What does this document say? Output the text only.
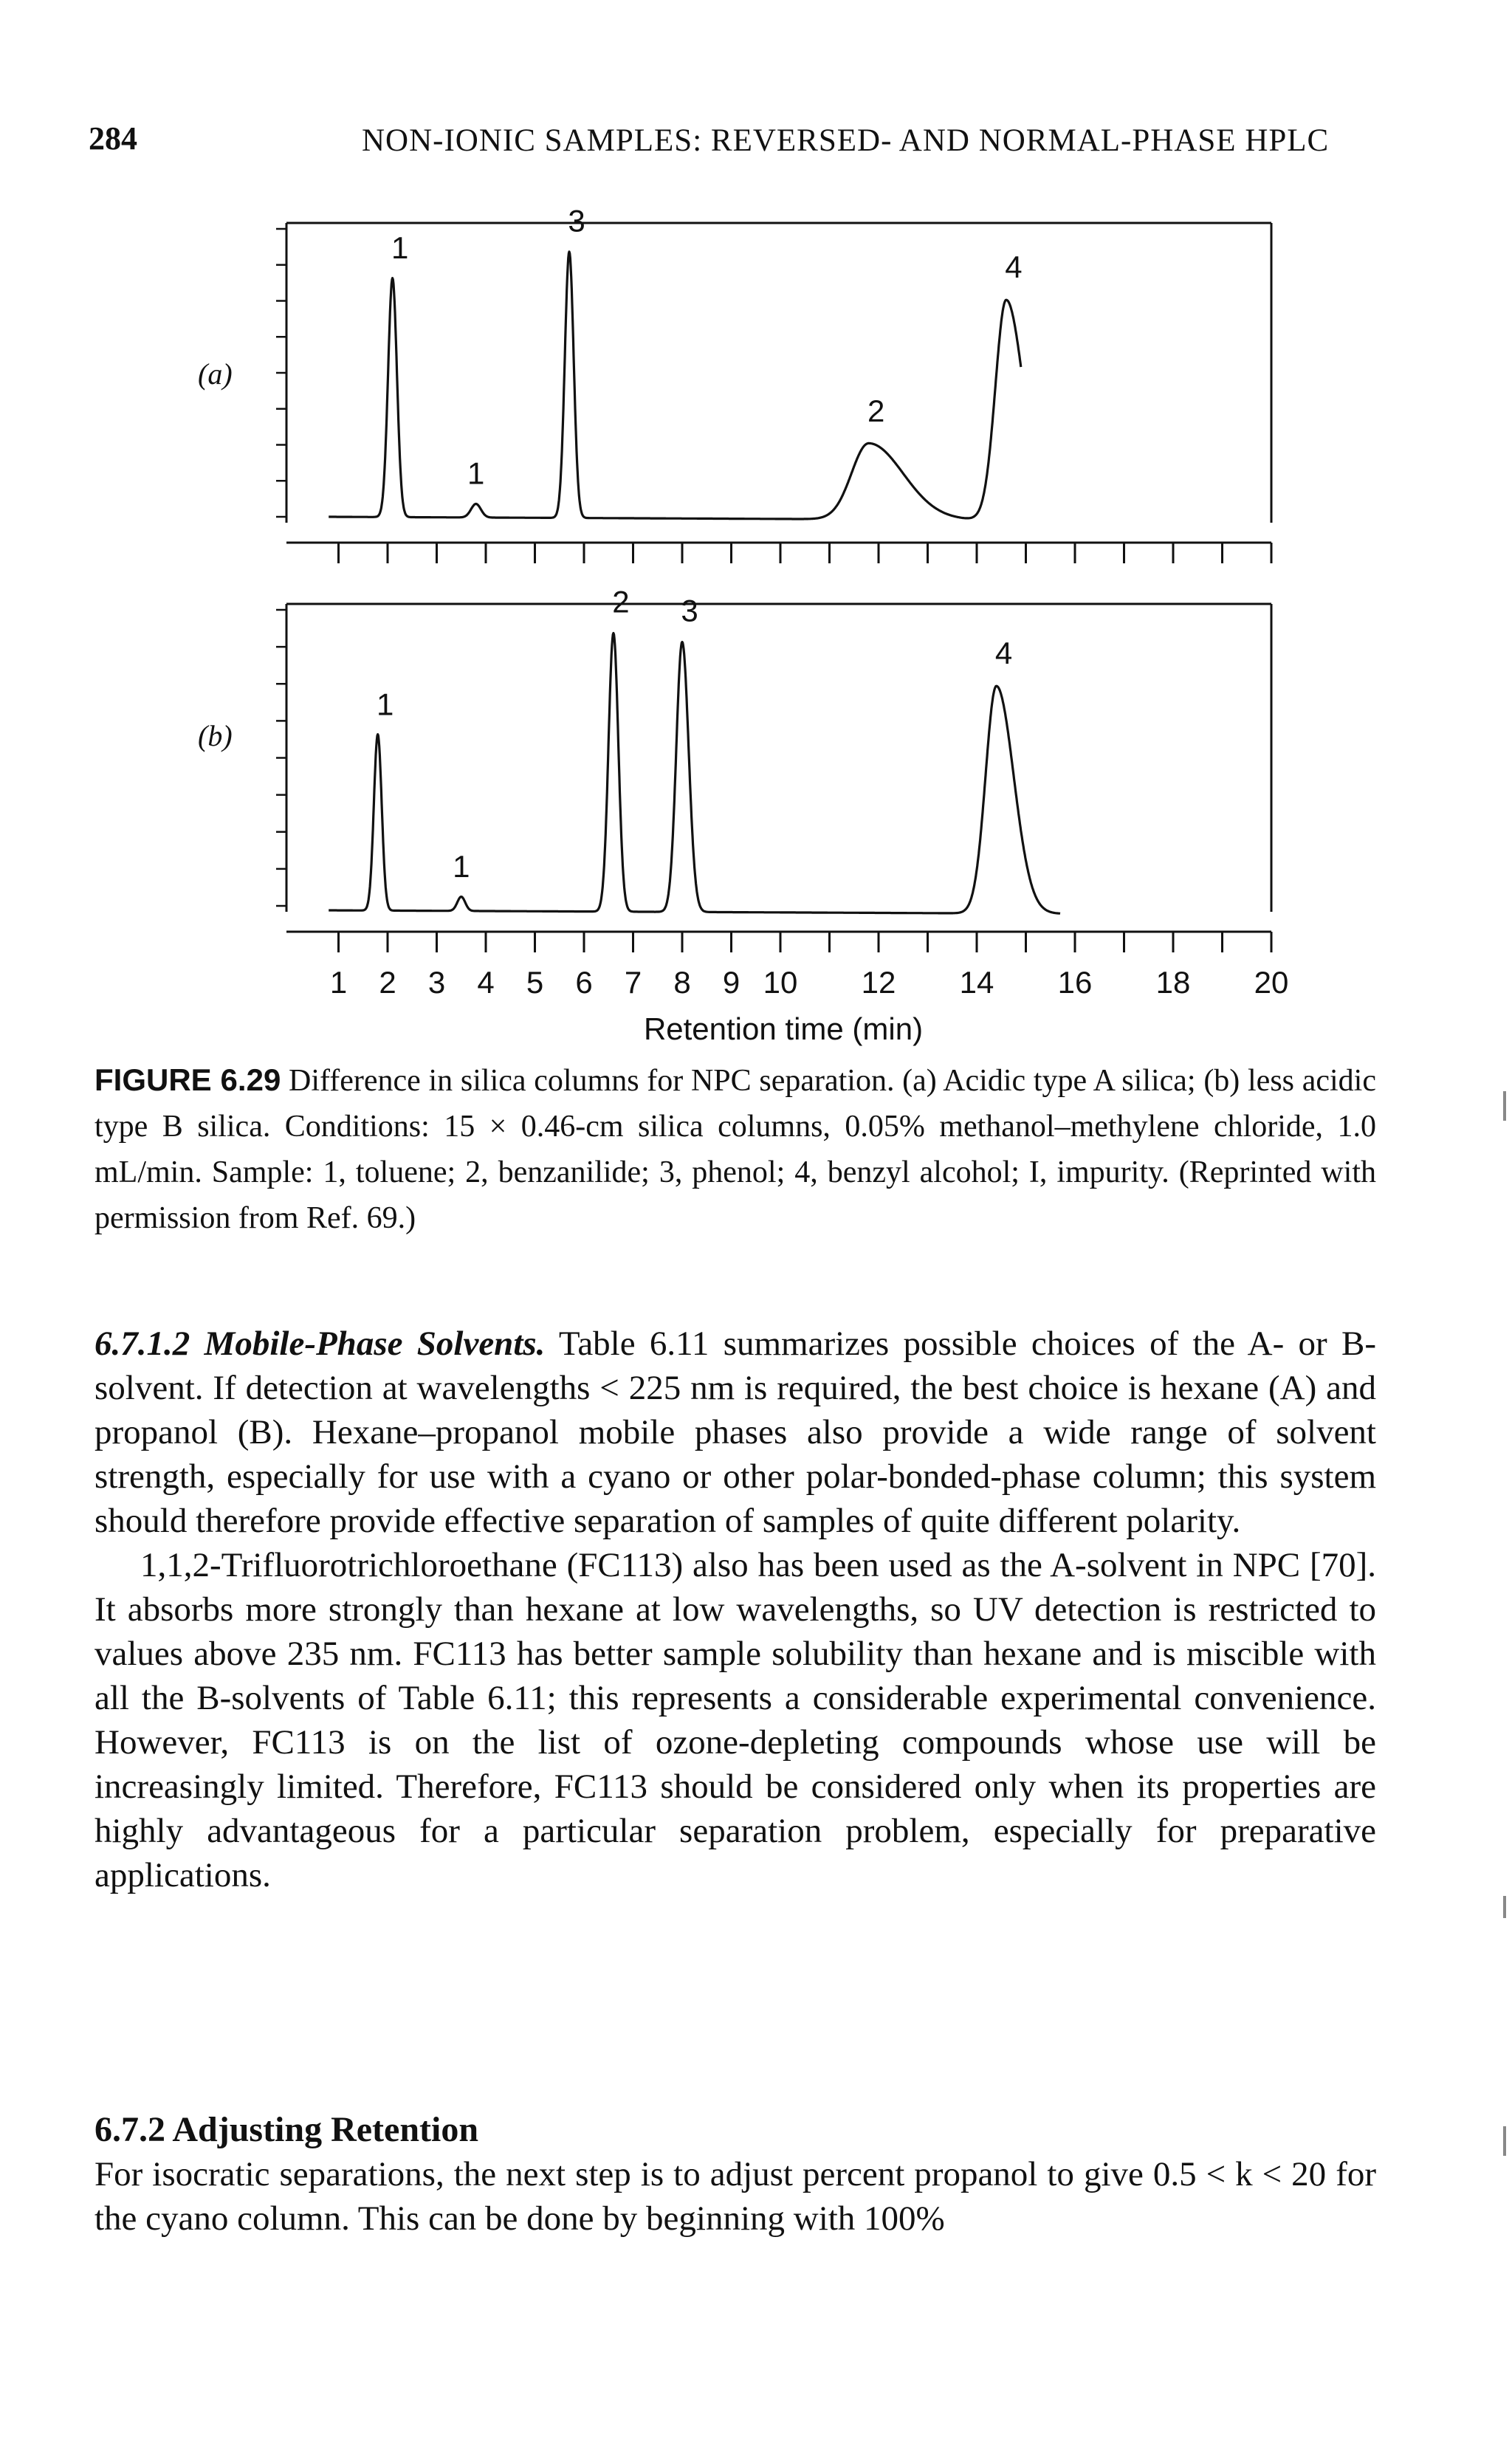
284	NON-IONIC SAMPLES: REVERSED- AND NORMAL-PHASE HPLC
(a)
1
1
3
2
4
(b)
1
1
2 3
4
1 2 3 4 5 6 7 8 9 10 12 14 16 18 20
Retention time (min)
FIGURE 6.29 Difference in silica columns for NPC separation. (a) Acidic type A silica; (b) less acidic type B silica. Conditions: 15 × 0.46-cm silica columns, 0.05% methanol–methylene chloride, 1.0 mL/min. Sample: 1, toluene; 2, benzanilide; 3, phenol; 4, benzyl alcohol; I, impurity. (Reprinted with permission from Ref. 69.)

6.7.1.2 Mobile-Phase Solvents. Table 6.11 summarizes possible choices of the A- or B-solvent. If detection at wavelengths < 225 nm is required, the best choice is hexane (A) and propanol (B). Hexane–propanol mobile phases also provide a wide range of solvent strength, especially for use with a cyano or other polar-bonded-phase column; this system should therefore provide effective separation of samples of quite different polarity.

1,1,2-Trifluorotrichloroethane (FC113) also has been used as the A-solvent in NPC [70]. It absorbs more strongly than hexane at low wavelengths, so UV detection is restricted to values above 235 nm. FC113 has better sample solubility than hexane and is miscible with all the B-solvents of Table 6.11; this represents a considerable experimental convenience. However, FC113 is on the list of ozone-depleting compounds whose use will be increasingly limited. Therefore, FC113 should be considered only when its properties are highly advantageous for a particular separation problem, especially for preparative applications.

6.7.2 Adjusting Retention

For isocratic separations, the next step is to adjust percent propanol to give 0.5 < k < 20 for the cyano column. This can be done by beginning with 100%
